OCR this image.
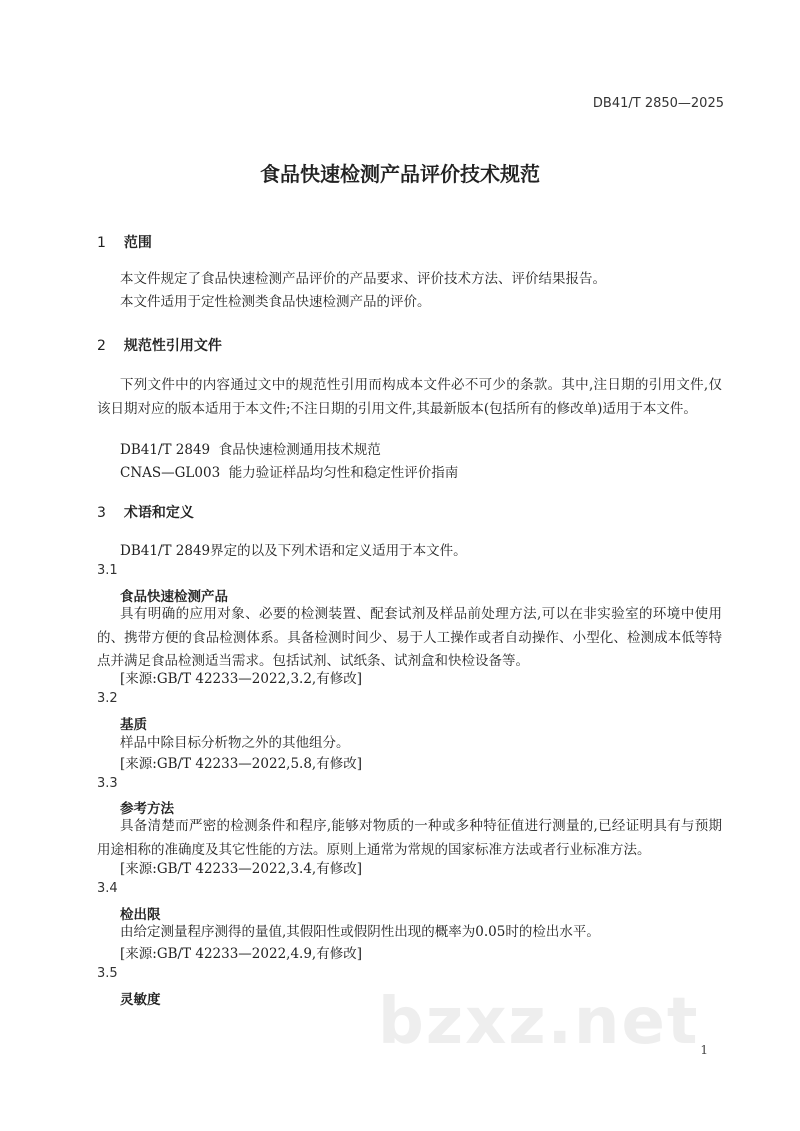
DB41/T 2850—2025
食品快速检测产品评价技术规范
1 范围
本文件规定了食品快速检测产品评价的产品要求、评价技术方法、评价结果报告。
本文件适用于定性检测类食品快速检测产品的评价。
2 规范性引用文件
下列文件中的内容通过文中的规范性引用而构成本文件必不可少的条款。其中,注日期的引用文件,仅该日期对应的版本适用于本文件;不注日期的引用文件,其最新版本(包括所有的修改单)适用于本文件。
DB41/T 2849  食品快速检测通用技术规范
CNAS—GL003  能力验证样品均匀性和稳定性评价指南
3 术语和定义
DB41/T 2849界定的以及下列术语和定义适用于本文件。
3.1
食品快速检测产品
具有明确的应用对象、必要的检测装置、配套试剂及样品前处理方法,可以在非实验室的环境中使用的、携带方便的食品检测体系。具备检测时间少、易于人工操作或者自动操作、小型化、检测成本低等特点并满足食品检测适当需求。包括试剂、试纸条、试剂盒和快检设备等。
[来源:GB/T 42233—2022,3.2,有修改]
3.2
基质
样品中除目标分析物之外的其他组分。
[来源:GB/T 42233—2022,5.8,有修改]
3.3
参考方法
具备清楚而严密的检测条件和程序,能够对物质的一种或多种特征值进行测量的,已经证明具有与预期用途相称的准确度及其它性能的方法。原则上通常为常规的国家标准方法或者行业标准方法。
[来源:GB/T 42233—2022,3.4,有修改]
3.4
检出限
由给定测量程序测得的量值,其假阳性或假阴性出现的概率为0.05时的检出水平。
[来源:GB/T 42233—2022,4.9,有修改]
3.5
灵敏度	bzxz.net 1
